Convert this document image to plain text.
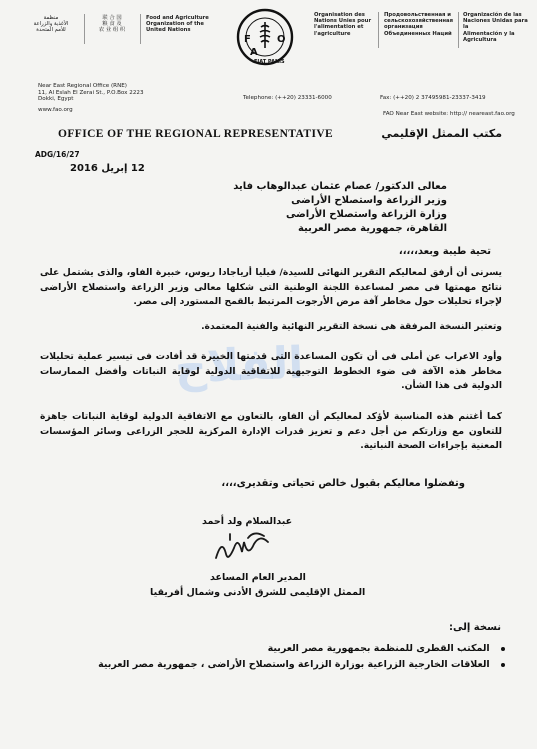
منظمة
الأغذية والزراعة
للأمم المتحدة
联 合 国
粮 食 及
农 业 组 织
Food and Agriculture
Organization of the
United Nations
F
A
O
FIAT PANIS
Organisation des
Nations Unies pour
l'alimentation et
l'agriculture
Продовольственная и
сельскохозяйственная
организация
Объединенных Наций
Organización de las
Naciones Unidas para la
Alimentación y la
Agricultura
Near East Regional Office (RNE)
11, Al Eslah El Zerai St., P.O.Box 2223
Dokki, Egypt
www.fao.org
Telephone: (++20) 23331-6000	Fax: (++20) 2 37495981-23337-3419
FAO Near East website: http:// neareast.fao.org
OFFICE OF THE REGIONAL REPRESENTATIVE	مكتب الممثل الإقليمي
ADG/16/27
12 إبريل 2016
معالى الدكتور/ عصام عثمان عبدالوهاب فايد
وزير الزراعة واستصلاح الأراضى
وزارة الزراعة واستصلاح الأراضى
القاهرة، جمهورية مصر العربية
تحية طيبة وبعد،،،،،
الفلاح
يسرنى أن أرفق لمعاليكم التقرير النهائى للسيدة/ فيليا أرياجادا ريوس، خبيرة الفاو، والذى يشتمل على نتائج مهمتها فى مصر لمساعدة اللجنة الوطنية التى شكلها معالى وزير الزراعة واستصلاح الأراضى لإجراء تحليلات حول مخاطر آفة مرض الأرجوت المرتبط بالقمح المستورد إلى مصر.
وتعتبر النسخة المرفقة هى نسخة التقرير النهائية والفنية المعتمدة.
وأود الاعراب عن أملى فى أن تكون المساعدة التى قدمتها الخبيرة قد أفادت فى تيسير عملية تحليلات مخاطر هذه الآفة فى ضوء الخطوط التوجيهية للاتفاقية الدولية لوقاية النباتات وأفضل الممارسات الدولية فى هذا الشأن.
كما أغتنم هذه المناسبة لأؤكد لمعاليكم أن الفاو، بالتعاون مع الاتفاقية الدولية لوقاية النباتات جاهزة للتعاون مع وزارتكم من أجل دعم و تعزيز قدرات الإدارة المركزية للحجر الزراعى وسائر المؤسسات المعنية بإجراءات الصحة النباتية.
وتفضلوا معاليكم بقبول خالص تحياتى وتقديرى،،،،
عبدالسلام ولد أحمد
المدير العام المساعد
الممثل الإقليمى للشرق الأدنى وشمال أفريقيا
نسخة إلى:
المكتب القطرى للمنظمة بجمهورية مصر العربية
العلاقات الخارجية الزراعية بوزارة الزراعة واستصلاح الأراضى ، جمهورية مصر العربية
